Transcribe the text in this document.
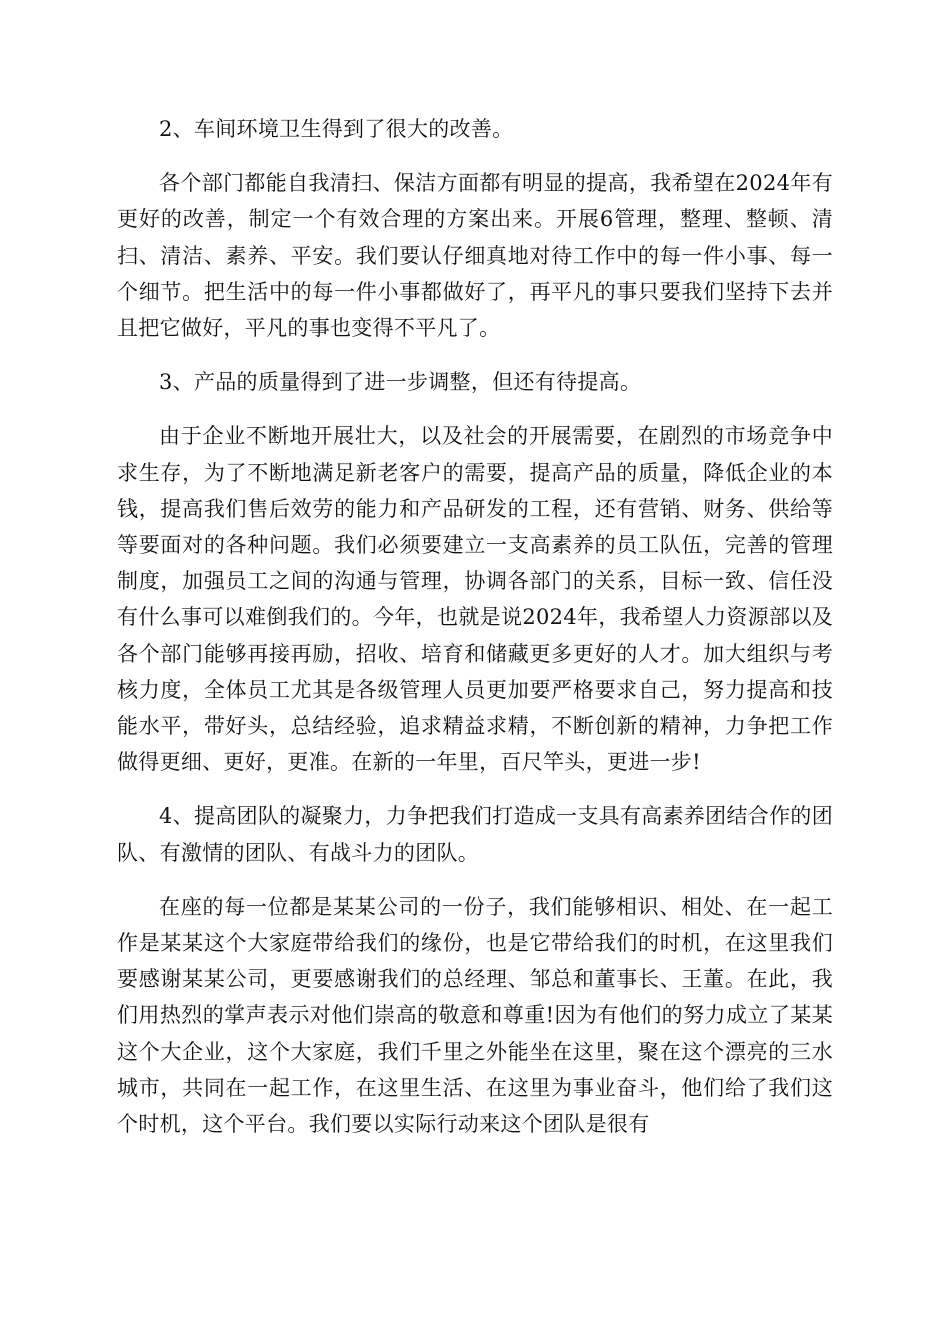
2、车间环境卫生得到了很大的改善。

各个部门都能自我清扫、保洁方面都有明显的提高，我希望在2024年有更好的改善，制定一个有效合理的方案出来。开展6管理，整理、整顿、清扫、清洁、素养、平安。我们要认仔细真地对待工作中的每一件小事、每一个细节。把生活中的每一件小事都做好了，再平凡的事只要我们坚持下去并且把它做好，平凡的事也变得不平凡了。

3、产品的质量得到了进一步调整，但还有待提高。

由于企业不断地开展壮大，以及社会的开展需要，在剧烈的市场竞争中求生存，为了不断地满足新老客户的需要，提高产品的质量，降低企业的本钱，提高我们售后效劳的能力和产品研发的工程，还有营销、财务、供给等等要面对的各种问题。我们必须要建立一支高素养的员工队伍，完善的管理制度，加强员工之间的沟通与管理，协调各部门的关系，目标一致、信任没有什么事可以难倒我们的。今年，也就是说2024年，我希望人力资源部以及各个部门能够再接再励，招收、培育和储藏更多更好的人才。加大组织与考核力度，全体员工尤其是各级管理人员更加要严格要求自己，努力提高和技能水平，带好头，总结经验，追求精益求精，不断创新的精神，力争把工作做得更细、更好，更准。在新的一年里，百尺竿头，更进一步!

4、提高团队的凝聚力，力争把我们打造成一支具有高素养团结合作的团队、有激情的团队、有战斗力的团队。

在座的每一位都是某某公司的一份子，我们能够相识、相处、在一起工作是某某这个大家庭带给我们的缘份，也是它带给我们的时机，在这里我们要感谢某某公司，更要感谢我们的总经理、邹总和董事长、王董。在此，我们用热烈的掌声表示对他们崇高的敬意和尊重!因为有他们的努力成立了某某这个大企业，这个大家庭，我们千里之外能坐在这里，聚在这个漂亮的三水城市，共同在一起工作，在这里生活、在这里为事业奋斗，他们给了我们这个时机，这个平台。我们要以实际行动来这个团队是很有
